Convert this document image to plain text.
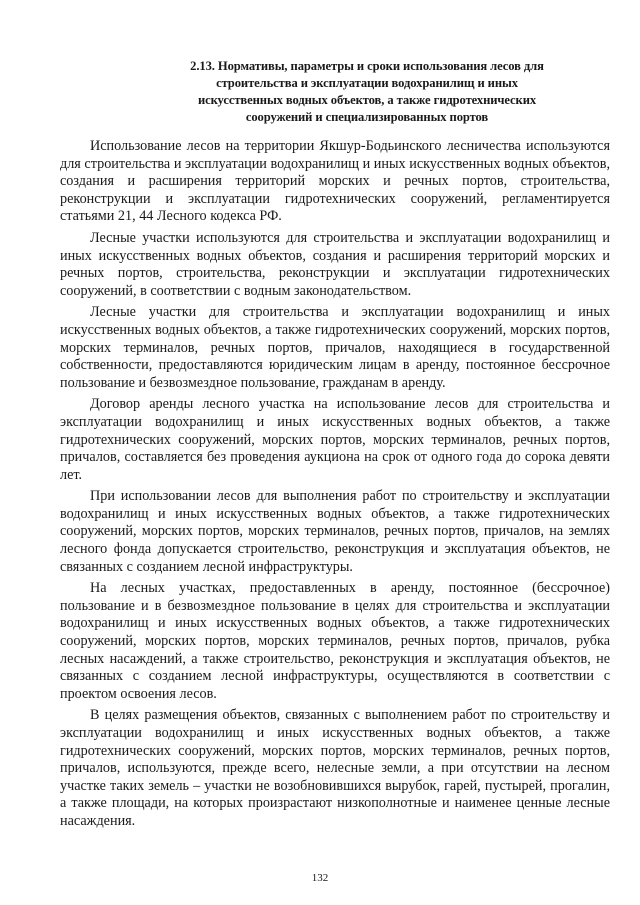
2.13. Нормативы, параметры и сроки использования лесов для
строительства и эксплуатации водохранилищ и иных
искусственных водных объектов, а также гидротехнических
сооружений и специализированных портов

Использование лесов на территории Якшур-Бодьинского лесничества используются для строительства и эксплуатации водохранилищ и иных искусственных водных объектов, создания и расширения территорий морских и речных портов, строительства, реконструкции и эксплуатации гидротехнических сооружений, регламентируется статьями 21, 44 Лесного кодекса РФ.

Лесные участки используются для строительства и эксплуатации водохранилищ и иных искусственных водных объектов, создания и расширения территорий морских и речных портов, строительства, реконструкции и эксплуатации гидротехнических сооружений, в соответствии с водным законодательством.

Лесные участки для строительства и эксплуатации водохранилищ и иных искусственных водных объектов, а также гидротехнических сооружений, морских портов, морских терминалов, речных портов, причалов, находящиеся в государственной собственности, предоставляются юридическим лицам в аренду, постоянное бессрочное пользование и безвозмездное пользование, гражданам в аренду.

Договор аренды лесного участка на использование лесов для строительства и эксплуатации водохранилищ и иных искусственных водных объектов, а также гидротехнических сооружений, морских портов, морских терминалов, речных портов, причалов, составляется без проведения аукциона на срок от одного года до сорока девяти лет.

При использовании лесов для выполнения работ по строительству и эксплуатации водохранилищ и иных искусственных водных объектов, а также гидротехнических сооружений, морских портов, морских терминалов, речных портов, причалов, на землях лесного фонда допускается строительство, реконструкция и эксплуатация объектов, не связанных с созданием лесной инфраструктуры.

На лесных участках, предоставленных в аренду, постоянное (бессрочное) пользование и в безвозмездное пользование в целях для строительства и эксплуатации водохранилищ и иных искусственных водных объектов, а также гидротехнических сооружений, морских портов, морских терминалов, речных портов, причалов, рубка лесных насаждений, а также строительство, реконструкция и эксплуатация объектов, не связанных с созданием лесной инфраструктуры, осуществляются в соответствии с проектом освоения лесов.

В целях размещения объектов, связанных с выполнением работ по строительству и эксплуатации водохранилищ и иных искусственных водных объектов, а также гидротехнических сооружений, морских портов, морских терминалов, речных портов, причалов, используются, прежде всего, нелесные земли, а при отсутствии на лесном участке таких земель – участки не возобновившихся вырубок, гарей, пустырей, прогалин, а также площади, на которых произрастают низкополнотные и наименее ценные лесные насаждения.

132
